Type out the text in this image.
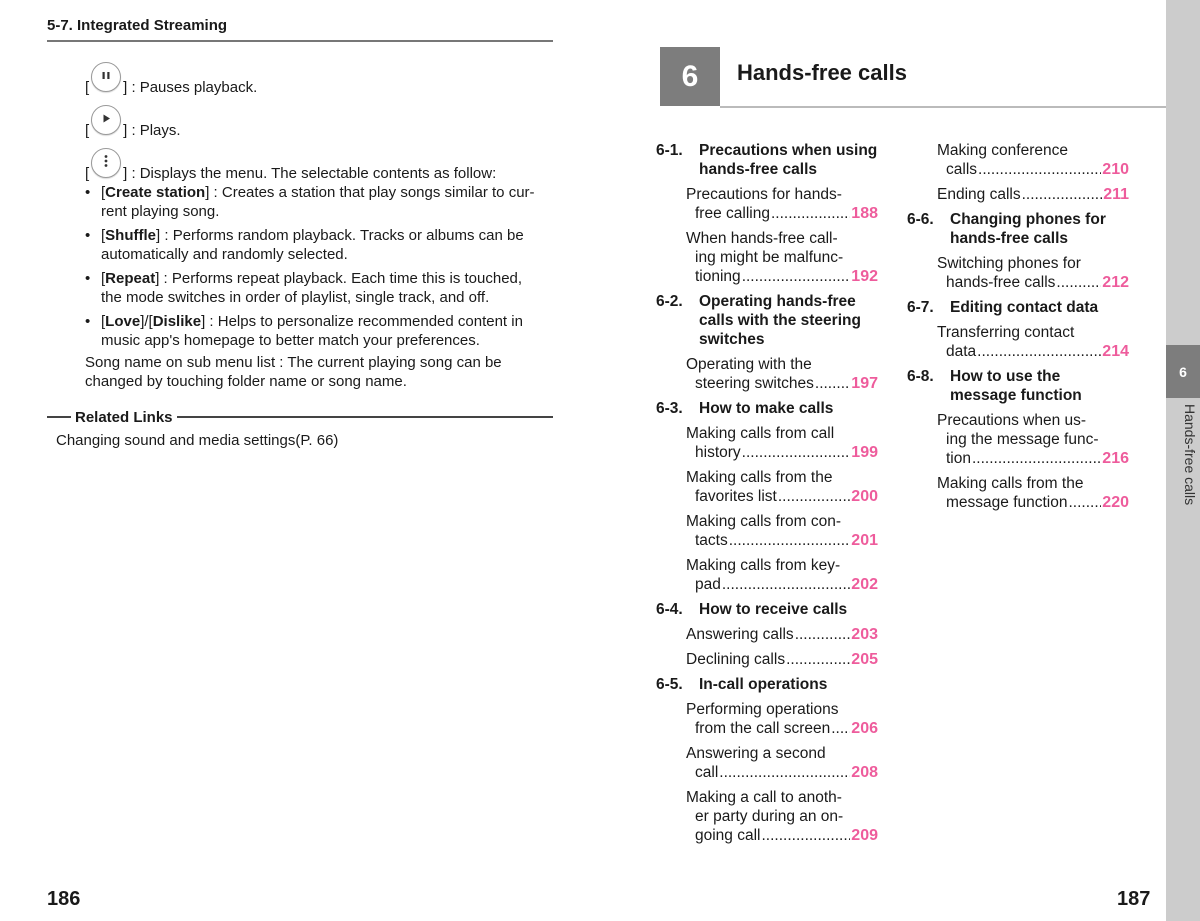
5-7. Integrated Streaming
[ ] : Pauses playback.
[ ] : Plays.
[ ] : Displays the menu. The selectable contents as follow:
• [Create station] : Creates a station that play songs similar to cur-rent playing song.
• [Shuffle] : Performs random playback. Tracks or albums can be automatically and randomly selected.
• [Repeat] : Performs repeat playback. Each time this is touched, the mode switches in order of playlist, single track, and off.
• [Love]/[Dislike] : Helps to personalize recommended content in music app's homepage to better match your preferences.
Song name on sub menu list : The current playing song can be changed by touching folder name or song name.
Related Links
Changing sound and media settings(P. 66)
186
6	Hands-free calls
6-1.	Precautions when using hands-free calls
Precautions for hands-
free calling .....	188
When hands-free call-
ing might be malfunc-
tioning .....	192
6-2.	Operating hands-free calls with the steering switches
Operating with the
steering switches ..... 197
6-3.	How to make calls
Making calls from call
history .....	199
Making calls from the
favorites list .....	200
Making calls from con-
tacts .....	201
Making calls from key-
pad .....	202
6-4.	How to receive calls
Answering calls .....	203
Declining calls .....	205
6-5.	In-call operations
Performing operations
from the call screen ..... 206
Answering a second
call .....	208
Making a call to anoth-
er party during an on-
going call .....	209
Making conference
calls .....	210
Ending calls .....	211
6-6.	Changing phones for hands-free calls
Switching phones for
hands-free calls .....	212
6-7.	Editing contact data
Transferring contact
data .....	214
6-8.	How to use the message function
Precautions when us-
ing the message func-
tion .....	216
Making calls from the
message function ..... 220
6
Hands-free calls
187
